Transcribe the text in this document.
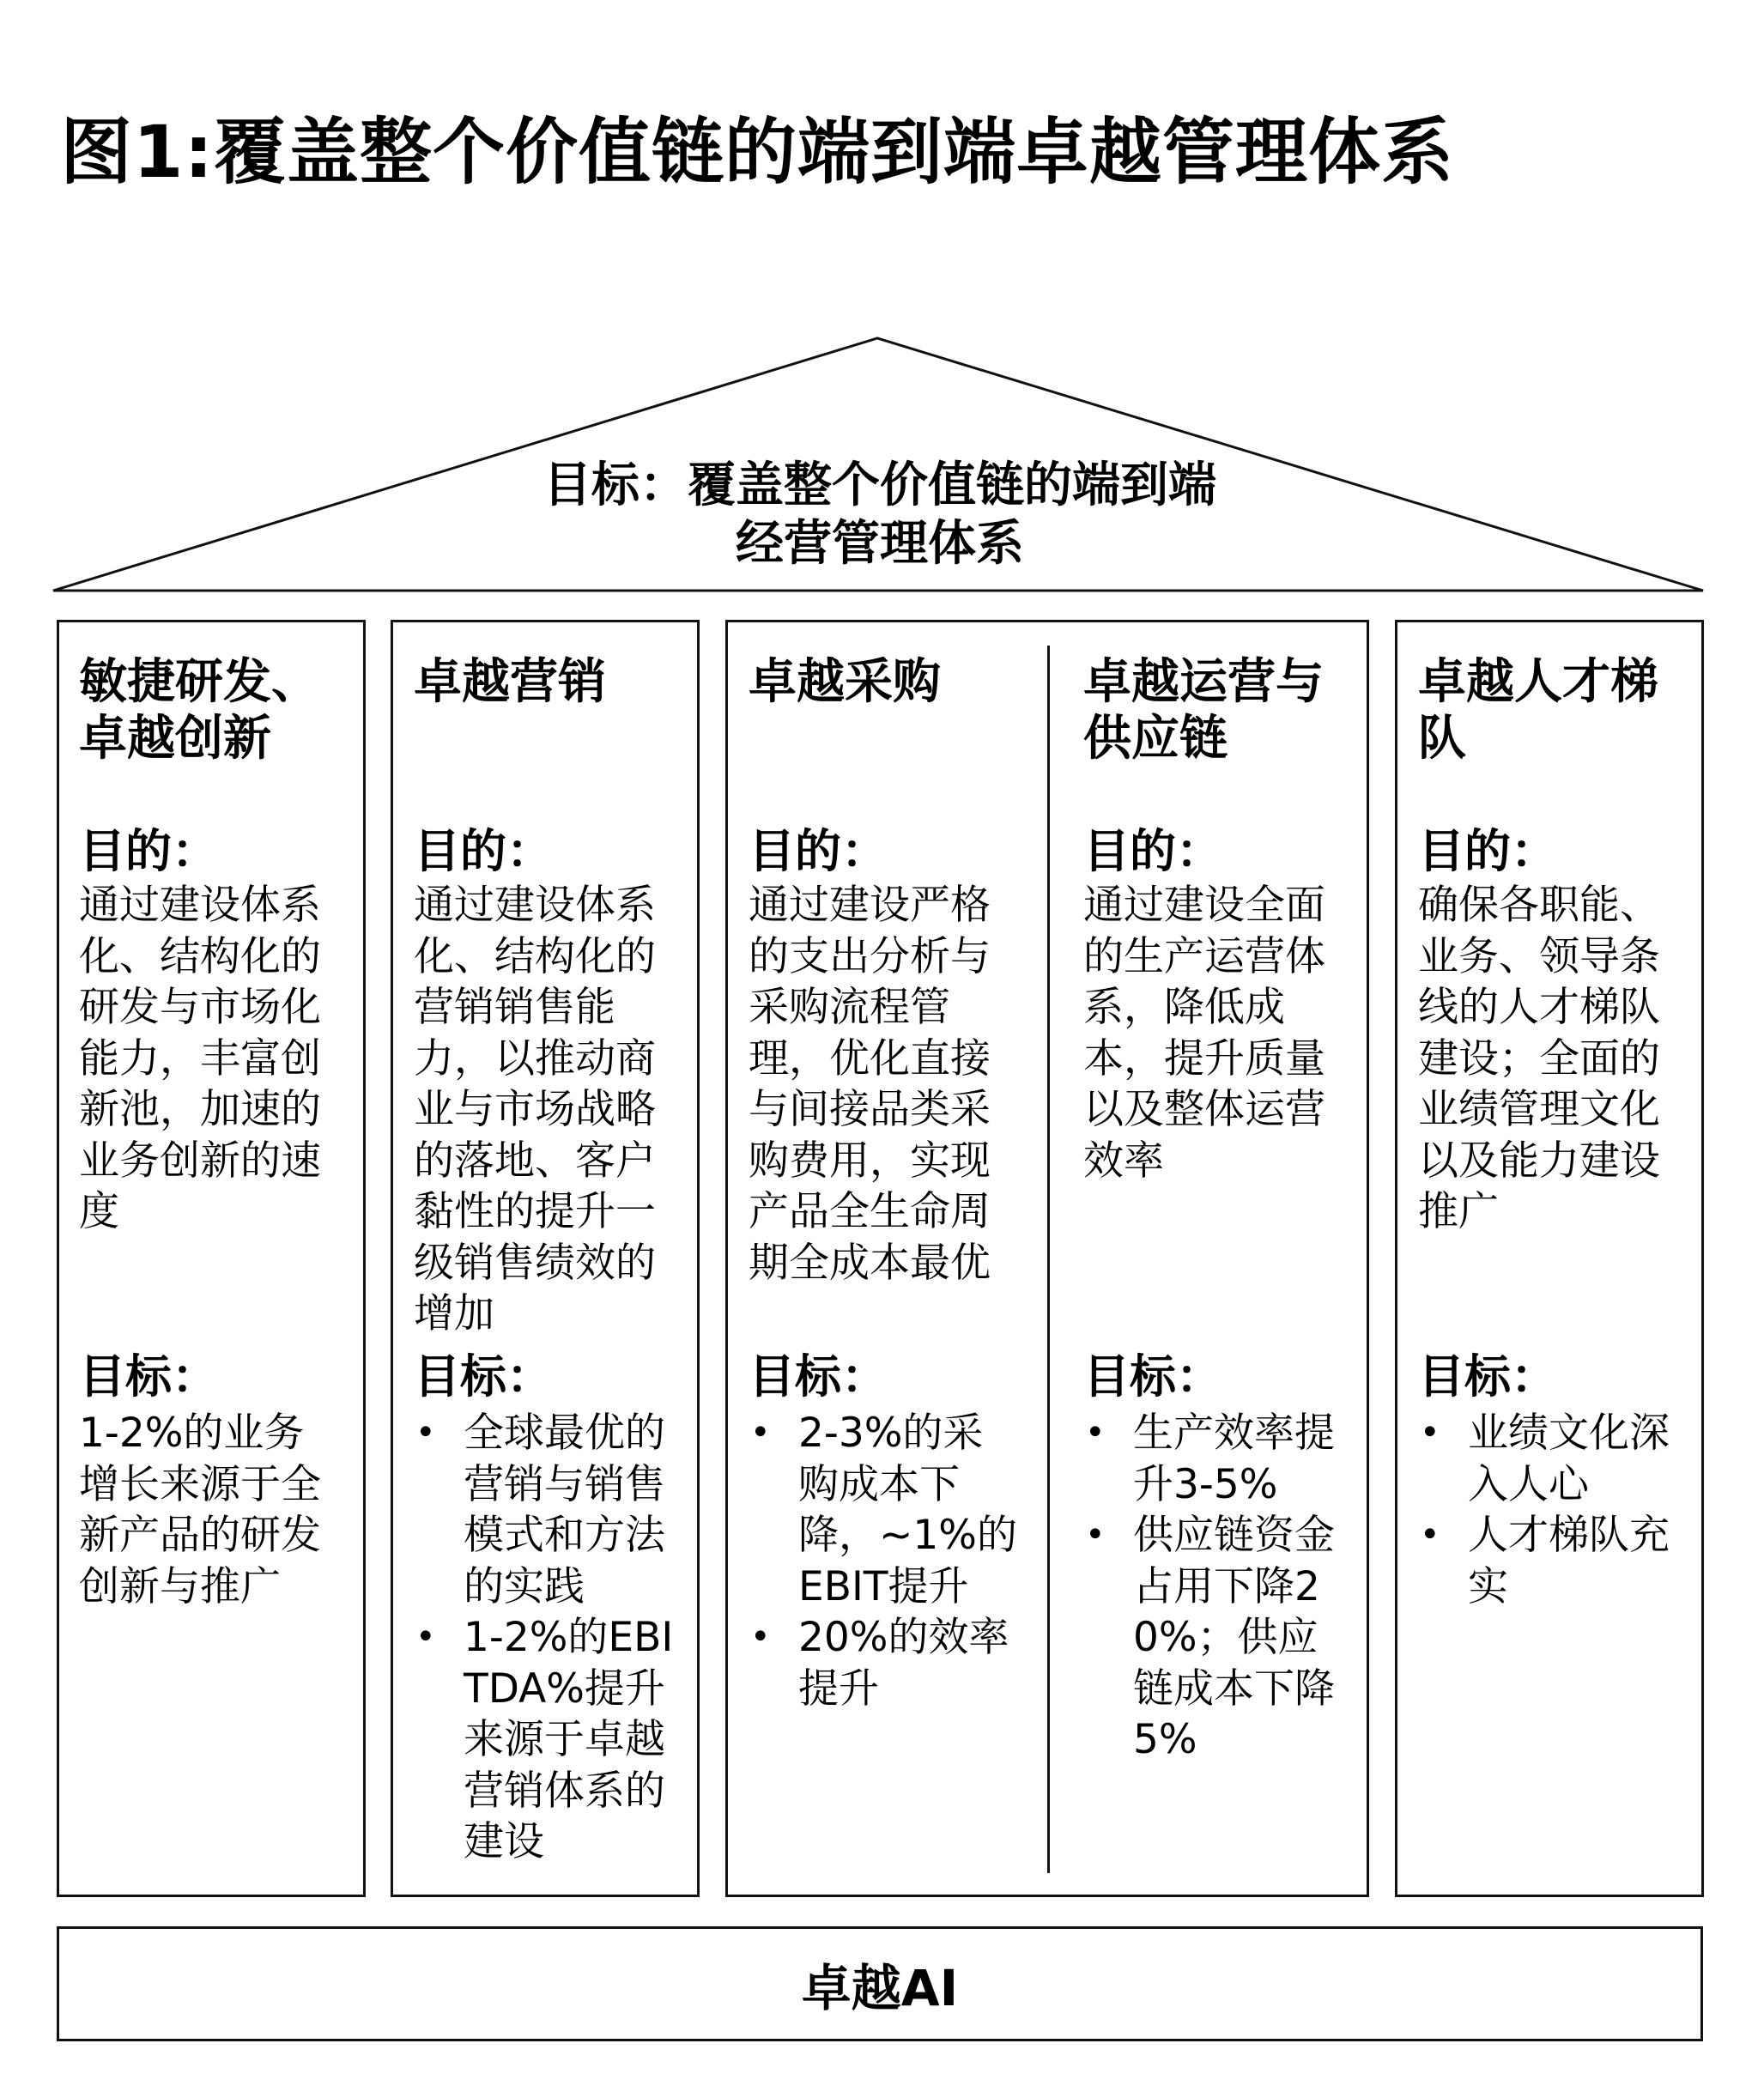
图1:覆盖整个价值链的端到端卓越管理体系
目标：覆盖整个价值链的端到端
经营管理体系
敏捷研发、卓越创新
目的：
通过建设体系化、结构化的研发与市场化能力，丰富创新池，加速的业务创新的速度
目标：
1-2%的业务增长来源于全新产品的研发创新与推广
卓越营销
目的：
通过建设体系化、结构化的营销销售能力，以推动商业与市场战略的落地、客户黏性的提升一级销售绩效的增加
目标：
• 全球最优的营销与销售模式和方法的实践
• 1-2%的EBITDA%提升来源于卓越营销体系的建设
卓越采购
目的：
通过建设严格的支出分析与采购流程管理，优化直接与间接品类采购费用，实现产品全生命周期全成本最优
目标：
• 2-3%的采购成本下降，~1%的EBIT提升
• 20%的效率提升
卓越运营与供应链
目的：
通过建设全面的生产运营体系，降低成本，提升质量以及整体运营效率
目标：
• 生产效率提升3-5%
• 供应链资金占用下降20%；供应链成本下降5%
卓越人才梯队
目的：
确保各职能、业务、领导条线的人才梯队建设；全面的业绩管理文化以及能力建设推广
目标：
• 业绩文化深入人心
• 人才梯队充实
卓越AI
